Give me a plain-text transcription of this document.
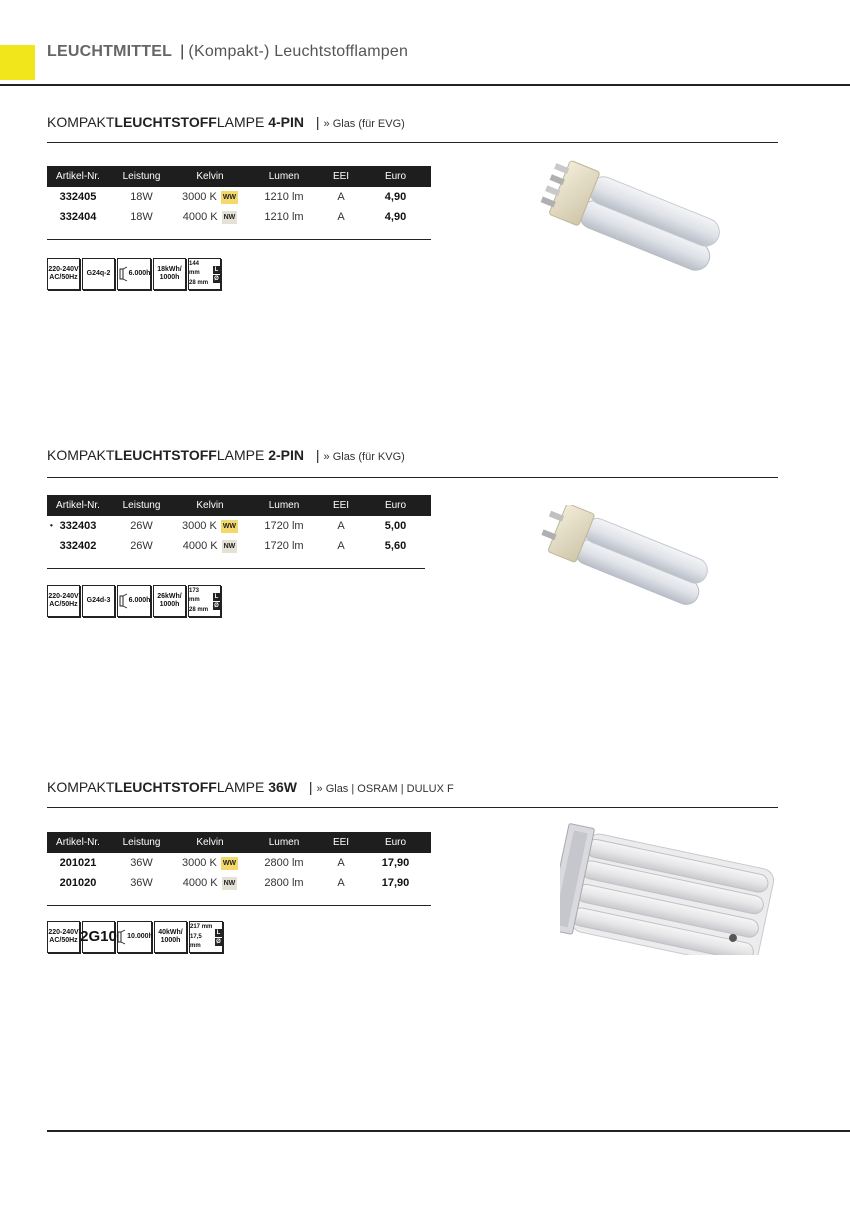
LEUCHTMITTEL | (Kompakt-) Leuchtstofflampen
KOMPAKTLEUCHTSTOFFLAMPE 4-PIN | » Glas (für EVG)
Artikel-Nr.	Leistung	Kelvin	Lumen	EEI	Euro
332405	18W	3000 K WW	1210 lm	A	4,90
332404	18W	4000 K NW	1210 lm	A	4,90
220-240V
AC/50Hz
G24q-2	6.000h
18kWh/
1000h
144 mm
28 mm
L
Ø
KOMPAKTLEUCHTSTOFFLAMPE 2-PIN | » Glas (für KVG)
Artikel-Nr.	Leistung	Kelvin	Lumen	EEI	Euro

• 332403	26W	3000 K WW	1720 lm	A	5,00
332402	26W	4000 K NW	1720 lm	A	5,60
220-240V
AC/50Hz
G24d-3	6.000h
26kWh/
1000h
173 mm
28 mm
L
Ø
KOMPAKTLEUCHTSTOFFLAMPE 36W | » Glas | OSRAM | DULUX F
Artikel-Nr.	Leistung	Kelvin	Lumen	EEI	Euro
201021	36W	3000 K WW	2800 lm	A	17,90
201020	36W	4000 K NW	2800 lm	A	17,90
220-240V
AC/50Hz 2G10 10.000h
40kWh/
1000h
217 mm
17,5 mm
L
Ø
